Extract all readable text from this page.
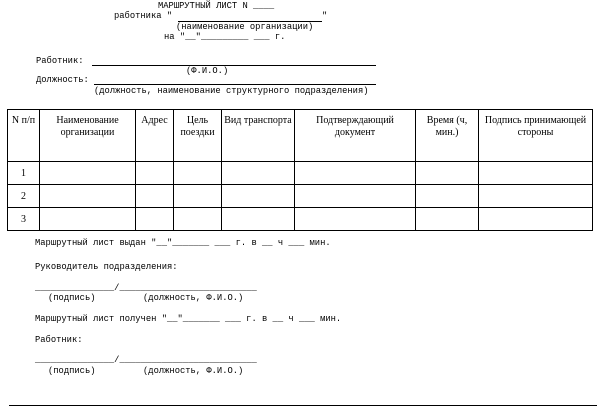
МАРШРУТНЫЙ ЛИСТ N ____
работника "	"
(наименование организации)
на "__"_________ ___ г.
Работник:
(Ф.И.О.)
Должность:
(должность, наименование структурного подразделения)
N п/п	Наименование организации	Адрес	Цель поездки	Вид транспорта	Подтверждающий документ	Время (ч, мин.)	Подпись принимающей стороны
1							
2							
3							
Маршрутный лист выдан "__"_______ ___ г. в __ ч ___ мин.
Руководитель подразделения:
_______________/__________________________
(подпись)         (должность, Ф.И.О.)
Маршрутный лист получен "__"_______ ___ г. в __ ч ___ мин.
Работник:
_______________/__________________________
(подпись)         (должность, Ф.И.О.)
